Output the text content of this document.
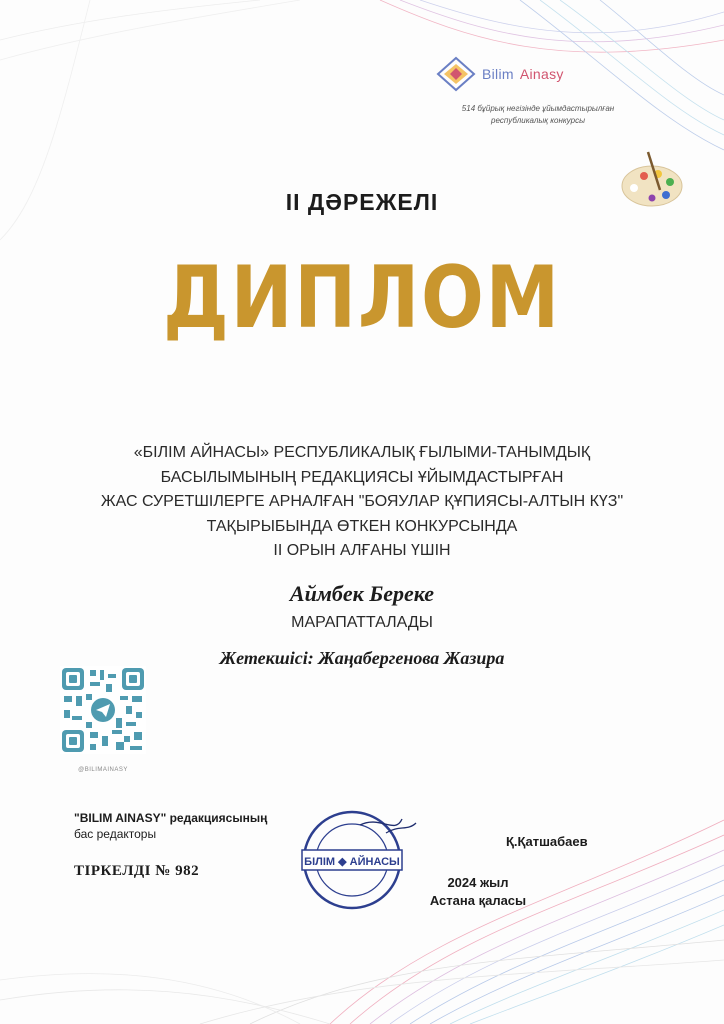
Bilim Ainasy
514 бұйрық негізінде ұйымдастырылған
республикалық конкурсы
II ДӘРЕЖЕЛІ
ДИПЛОМ
«БІЛІМ АЙНАСЫ» РЕСПУБЛИКАЛЫҚ ҒЫЛЫМИ-ТАНЫМДЫҚ
БАСЫЛЫМЫНЫҢ РЕДАКЦИЯСЫ ҰЙЫМДАСТЫРҒАН
ЖАС СУРЕТШІЛЕРГЕ АРНАЛҒАН "БОЯУЛАР ҚҰПИЯСЫ-АЛТЫН КҮЗ"
ТАҚЫРЫБЫНДА ӨТКЕН КОНКУРСЫНДА
II ОРЫН АЛҒАНЫ ҮШІН
Аймбек Береке
МАРАПАТТАЛАДЫ
Жетекшісі: Жаңабергенова Жазира
@BILIMAINASY
"BILIM AINASY" редакциясының
бас редакторы
ТІРКЕЛДІ № 982
БІЛІМ ◆ АЙНАСЫ
Қ.Қатшабаев
2024 жыл
Астана қаласы
